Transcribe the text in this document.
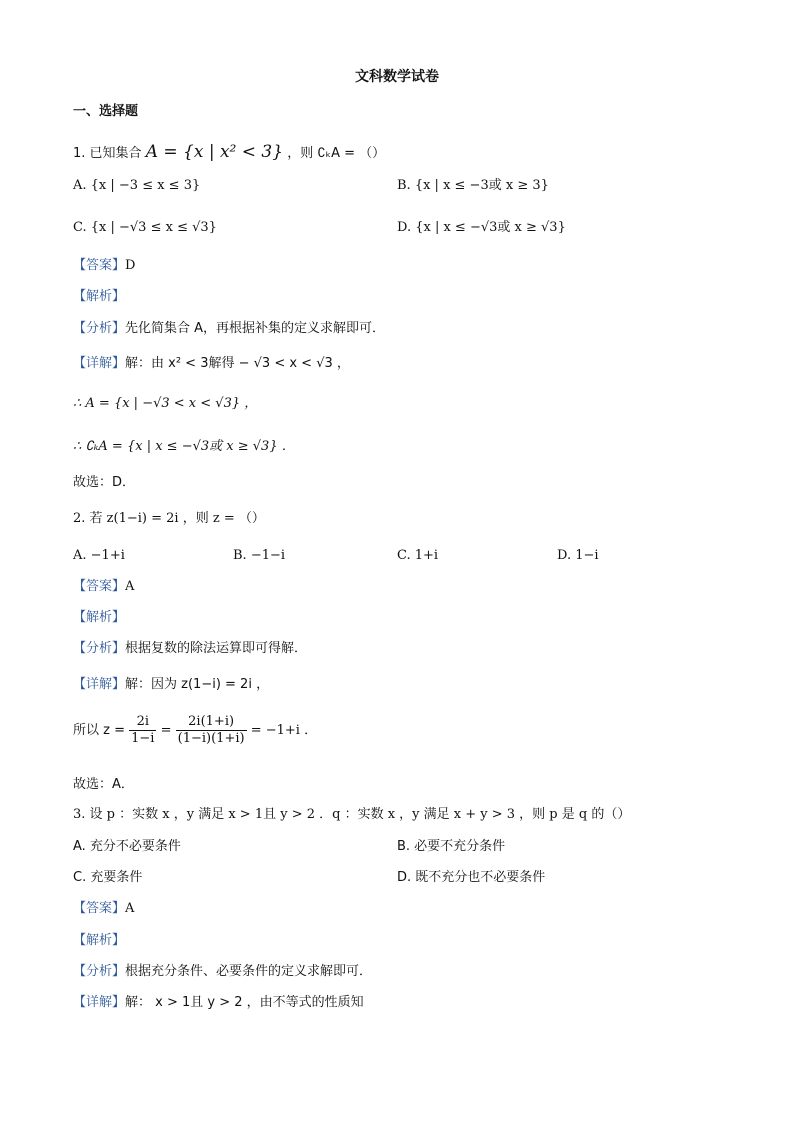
文科数学试卷
一、选择题
1. 已知集合 A = {x | x² < 3} ，则 ∁ₖA = （）
A. {x | −3 ≤ x ≤ 3}	B. {x | x ≤ −3或 x ≥ 3}
C. {x | −√3 ≤ x ≤ √3}	D. {x | x ≤ −√3或 x ≥ √3}
【答案】D
【解析】
【分析】先化简集合 A，再根据补集的定义求解即可．
【详解】解：由 x² < 3解得 − √3 < x < √3 ，
∴ A = {x | −√3 < x < √3} ，
∴ ∁ₖA = {x | x ≤ −√3或 x ≥ √3} ．
故选：D．
2. 若 z(1−i) = 2i ，则 z = （）
A. −1+i	B. −1−i	C. 1+i	D. 1−i
【答案】A
【解析】
【分析】根据复数的除法运算即可得解．
【详解】解：因为 z(1−i) = 2i ，
所以 $z = \frac{2i}{1-i} = \frac{2i(1+i)}{(1-i)(1+i)} = -1+i$ ．
故选：A．
3. 设 p ：实数 x ，y 满足 x > 1且 y > 2 ．q ：实数 x ，y 满足 x + y > 3 ，则 p 是 q 的（）
A. 充分不必要条件	B. 必要不充分条件
C. 充要条件	D. 既不充分也不必要条件
【答案】A
【解析】
【分析】根据充分条件、必要条件的定义求解即可．
【详解】解： x > 1且 y > 2 ，由不等式的性质知
